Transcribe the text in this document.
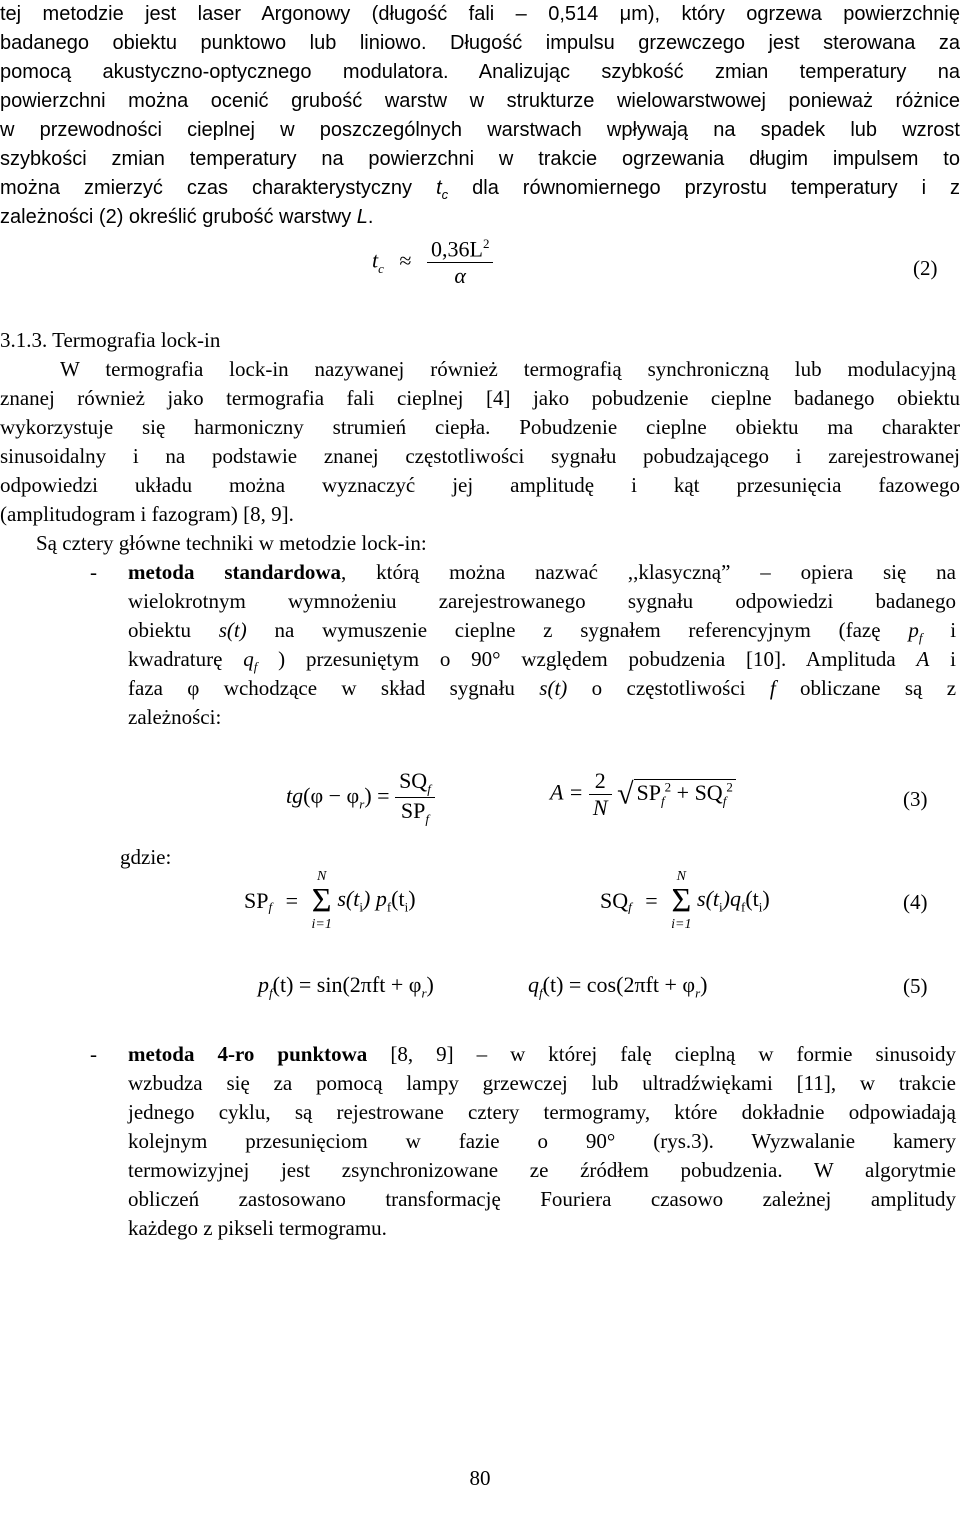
tej metodzie jest laser Argonowy (długość fali – 0,514 μm), który ogrzewa powierzchnię
badanego obiektu punktowo lub liniowo. Długość impulsu grzewczego jest sterowana za
pomocą akustyczno-optycznego modulatora. Analizując szybkość zmian temperatury na
powierzchni można ocenić grubość warstw w strukturze wielowarstwowej ponieważ różnice
w przewodności cieplnej w poszczególnych warstwach wpływają na spadek lub wzrost
szybkości zmian temperatury na powierzchni w trakcie ogrzewania długim impulsem to
można zmierzyć czas charakterystyczny $t_c$ dla równomiernego przyrostu temperatury i z
zależności (2) określić grubość warstwy L.
$t_c \approx \frac{0,36L^2}{\alpha}$	(2)
3.1.3. Termografia lock-in
W termografia lock-in nazywanej również termografią synchroniczną lub modulacyjną
znanej również jako termografia fali cieplnej [4] jako pobudzenie cieplne badanego obiektu
wykorzystuje się harmoniczny strumień ciepła. Pobudzenie cieplne obiektu ma charakter
sinusoidalny i na podstawie znanej częstotliwości sygnału pobudzającego i zarejestrowanej
odpowiedzi układu można wyznaczyć jej amplitudę i kąt przesunięcia fazowego
(amplitudogram i fazogram) [8, 9].
Są cztery główne techniki w metodzie lock-in:
-	metoda standardowa, którą można nazwać ,,klasyczną” – opiera się na
wielokrotnym wymnożeniu zarejestrowanego sygnału odpowiedzi badanego
obiektu s(t) na wymuszenie cieplne z sygnałem referencyjnym (fazę $p_f$ i
kwadraturę $q_f$ ) przesuniętym o 90° względem pobudzenia [10]. Amplituda A i
faza φ wchodzące w skład sygnału s(t) o częstotliwości f obliczane są z
zależności:
$tg(\varphi - \varphi_r) = \frac{SQ_f}{SP_f}$	$A = \frac{2}{N}$ √ $SP_f^2 + SQ_f^2$
(3)
gdzie:
$SP_f$ =
N
Σ
i=1
$s(t_i)$ $p_f(t_i)$	$SQ_f$ =
N
Σ
i=1
$s(t_i)q_f(t_i)$	(4)
$p_f(t) = \sin(2\pi ft + \varphi_r)$	$q_f(t) = \cos(2\pi ft + \varphi_r)$	(5)
-	metoda 4-ro punktowa [8, 9] – w której falę cieplną w formie sinusoidy
wzbudza się za pomocą lampy grzewczej lub ultradźwiękami [11], w trakcie
jednego cyklu, są rejestrowane cztery termogramy, które dokładnie odpowiadają
kolejnym przesunięciom w fazie o 90° (rys.3). Wyzwalanie kamery
termowizyjnej jest zsynchronizowane ze źródłem pobudzenia. W algorytmie
obliczeń zastosowano transformację Fouriera czasowo zależnej amplitudy
każdego z pikseli termogramu.
80
